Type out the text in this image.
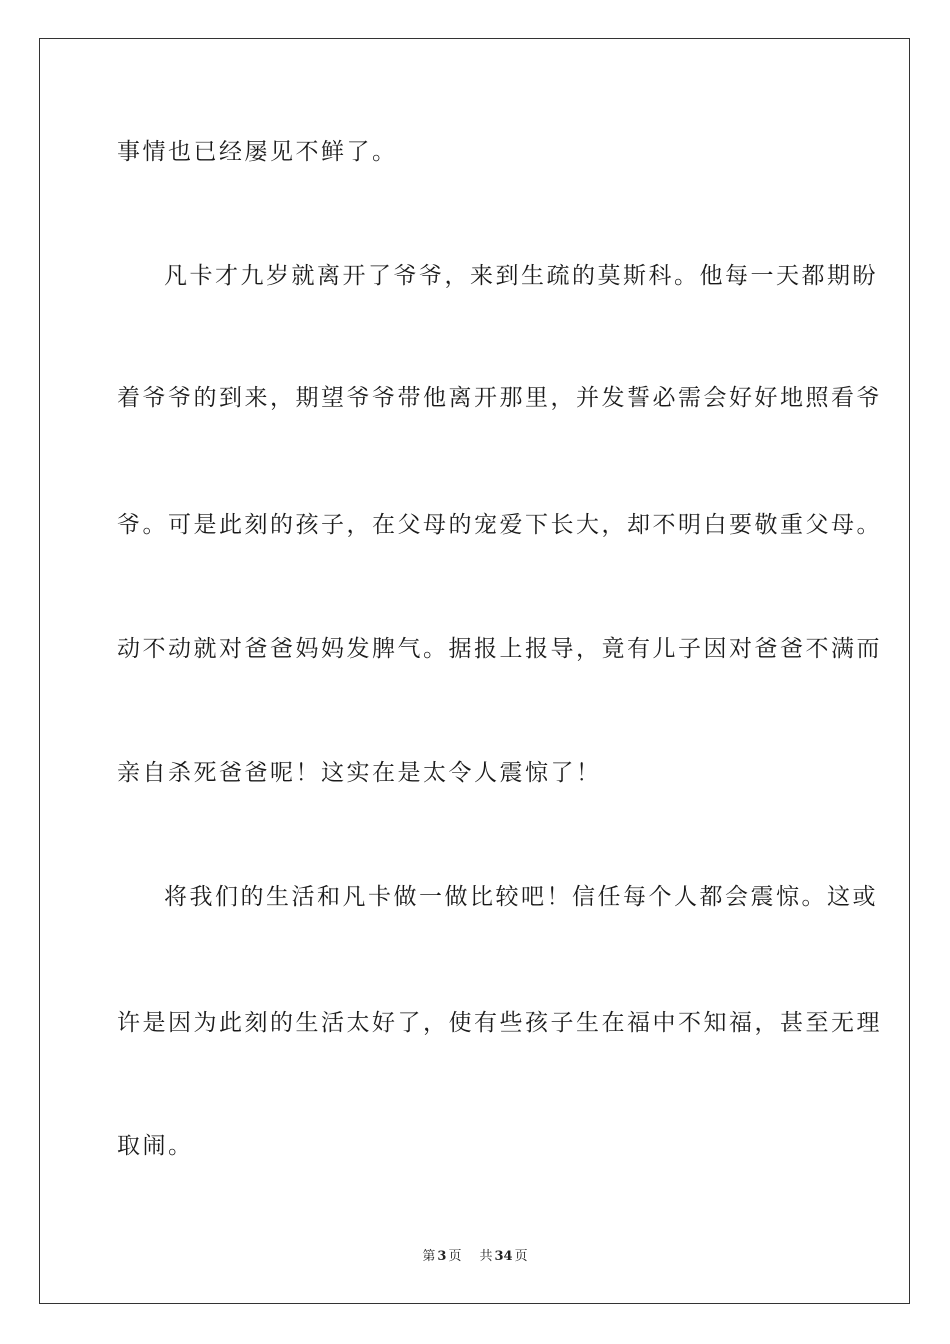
事情也已经屡见不鲜了。
凡卡才九岁就离开了爷爷，来到生疏的莫斯科。他每一天都期盼
着爷爷的到来，期望爷爷带他离开那里，并发誓必需会好好地照看爷
爷。可是此刻的孩子，在父母的宠爱下长大，却不明白要敬重父母。
动不动就对爸爸妈妈发脾气。据报上报导，竟有儿子因对爸爸不满而
亲自杀死爸爸呢！这实在是太令人震惊了！
将我们的生活和凡卡做一做比较吧！信任每个人都会震惊。这或
许是因为此刻的生活太好了，使有些孩子生在福中不知福，甚至无理
取闹。
第 3 页 共 34 页
